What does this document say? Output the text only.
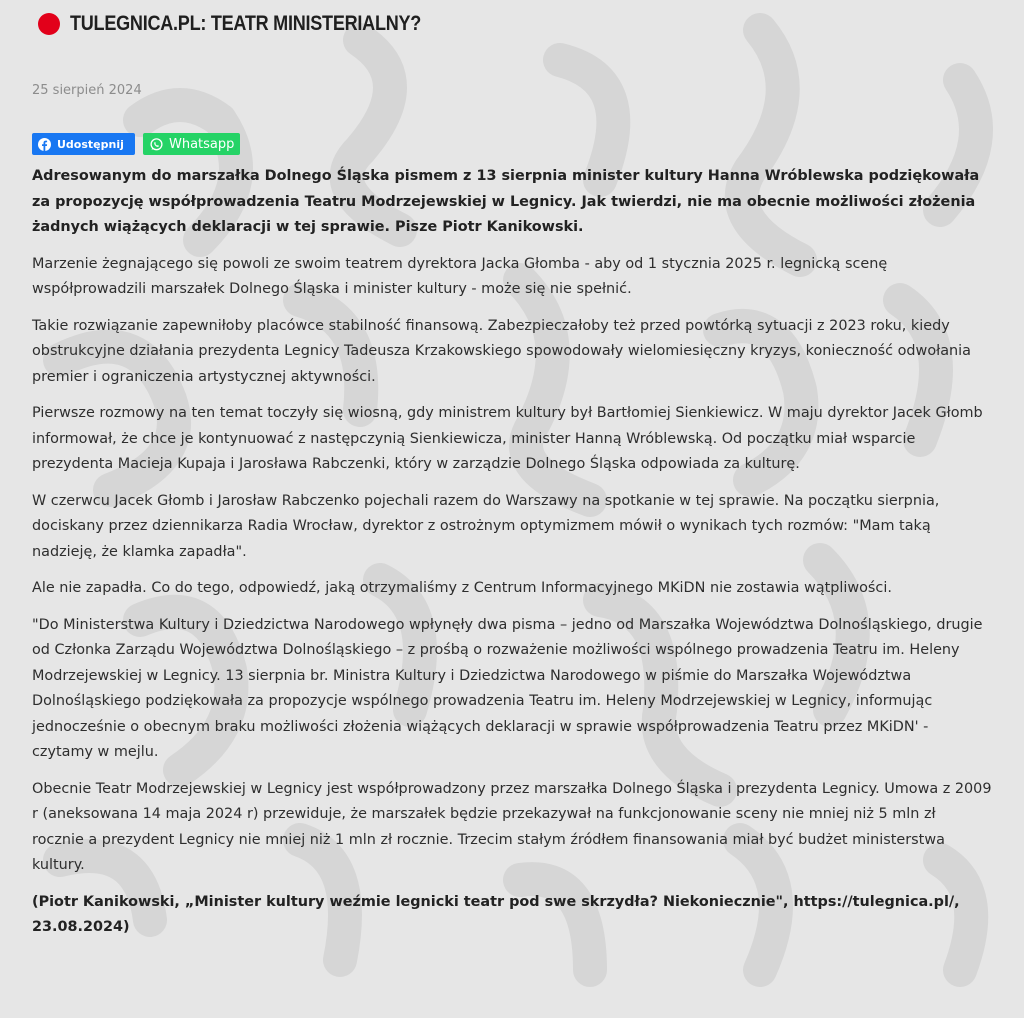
TULEGNICA.PL: TEATR MINISTERIALNY?
25 sierpień 2024
Udostępnij	Whatsapp

Adresowanym do marszałka Dolnego Śląska pismem z 13 sierpnia minister kultury Hanna Wróblewska podziękowała za propozycję współprowadzenia Teatru Modrzejewskiej w Legnicy. Jak twierdzi, nie ma obecnie możliwości złożenia żadnych wiążących deklaracji w tej sprawie. Pisze Piotr Kanikowski.

Marzenie żegnającego się powoli ze swoim teatrem dyrektora Jacka Głomba - aby od 1 stycznia 2025 r. legnicką scenę współprowadzili marszałek Dolnego Śląska i minister kultury - może się nie spełnić.

Takie rozwiązanie zapewniłoby placówce stabilność finansową. Zabezpieczałoby też przed powtórką sytuacji z 2023 roku, kiedy obstrukcyjne działania prezydenta Legnicy Tadeusza Krzakowskiego spowodowały wielomiesięczny kryzys, konieczność odwołania premier i ograniczenia artystycznej aktywności.

Pierwsze rozmowy na ten temat toczyły się wiosną, gdy ministrem kultury był Bartłomiej Sienkiewicz. W maju dyrektor Jacek Głomb informował, że chce je kontynuować z następczynią Sienkiewicza, minister Hanną Wróblewską. Od początku miał wsparcie prezydenta Macieja Kupaja i Jarosława Rabczenki, który w zarządzie Dolnego Śląska odpowiada za kulturę.

W czerwcu Jacek Głomb i Jarosław Rabczenko pojechali razem do Warszawy na spotkanie w tej sprawie. Na początku sierpnia, dociskany przez dziennikarza Radia Wrocław, dyrektor z ostrożnym optymizmem mówił o wynikach tych rozmów: "Mam taką nadzieję, że klamka zapadła".

Ale nie zapadła. Co do tego, odpowiedź, jaką otrzymaliśmy z Centrum Informacyjnego MKiDN nie zostawia wątpliwości.

"Do Ministerstwa Kultury i Dziedzictwa Narodowego wpłynęły dwa pisma – jedno od Marszałka Województwa Dolnośląskiego, drugie od Członka Zarządu Województwa Dolnośląskiego – z prośbą o rozważenie możliwości wspólnego prowadzenia Teatru im. Heleny Modrzejewskiej w Legnicy. 13 sierpnia br. Ministra Kultury i Dziedzictwa Narodowego w piśmie do Marszałka Województwa Dolnośląskiego podziękowała za propozycje wspólnego prowadzenia Teatru im. Heleny Modrzejewskiej w Legnicy, informując jednocześnie o obecnym braku możliwości złożenia wiążących deklaracji w sprawie współprowadzenia Teatru przez MKiDN' - czytamy w mejlu.

Obecnie Teatr Modrzejewskiej w Legnicy jest współprowadzony przez marszałka Dolnego Śląska i prezydenta Legnicy. Umowa z 2009 r (aneksowana 14 maja 2024 r) przewiduje, że marszałek będzie przekazywał na funkcjonowanie sceny nie mniej niż 5 mln zł rocznie a prezydent Legnicy nie mniej niż 1 mln zł rocznie. Trzecim stałym źródłem finansowania miał być budżet ministerstwa kultury.

(Piotr Kanikowski, „Minister kultury weźmie legnicki teatr pod swe skrzydła? Niekoniecznie", https://tulegnica.pl/, 23.08.2024)
